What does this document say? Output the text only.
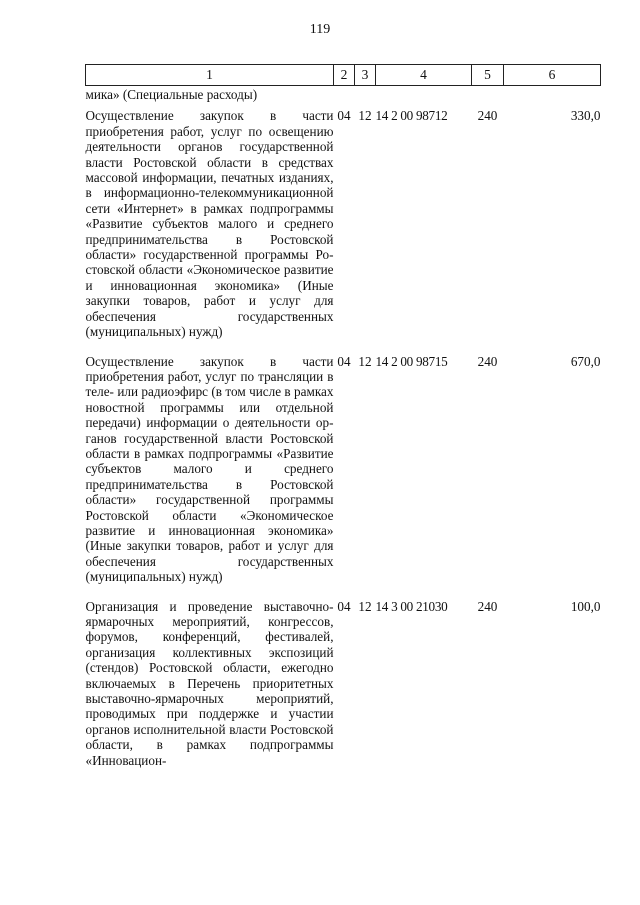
119
1	2	3	4	5	6
мика» (Специальные расходы)					
Осуществление закупок в части приобретения работ, услуг по освещению деятельности органов государственной власти Ростовской области в средствах массовой информации, печатных изданиях, в информационно-телекоммуникационной сети «Интернет» в рамках подпрограммы «Развитие субъектов малого и среднего предпринимательства в Ростовской области» государственной программы Ростовской области «Экономическое развитие и инновационная экономика» (Иные закупки товаров, работ и услуг для обеспечения государственных (муниципальных) нужд)	04	12	14 2 00 98712	240	330,0
Осуществление закупок в части приобретения работ, услуг по трансляции в теле- или радиоэфирс (в том числе в рамках новостной программы или отдельной передачи) информации о деятельности органов государственной власти Ростовской области в рамках подпрограммы «Развитие субъектов малого и среднего предпринимательства в Ростовской области» государственной программы Ростовской области «Экономическое развитие и инновационная экономика» (Иные закупки товаров, работ и услуг для обеспечения государственных (муниципальных) нужд)	04	12	14 2 00 98715	240	670,0
Организация и проведение выставочно-ярмарочных мероприятий, конгрессов, форумов, конференций, фестивалей, организация коллективных экспозиций (стендов) Ростовской области, ежегодно включаемых в Перечень приоритетных выставочно-ярмарочных мероприятий, проводимых при поддержке и участии органов исполнительной власти Ростовской области, в рамках подпрограммы «Инновацион-	04	12	14 3 00 21030	240	100,0
